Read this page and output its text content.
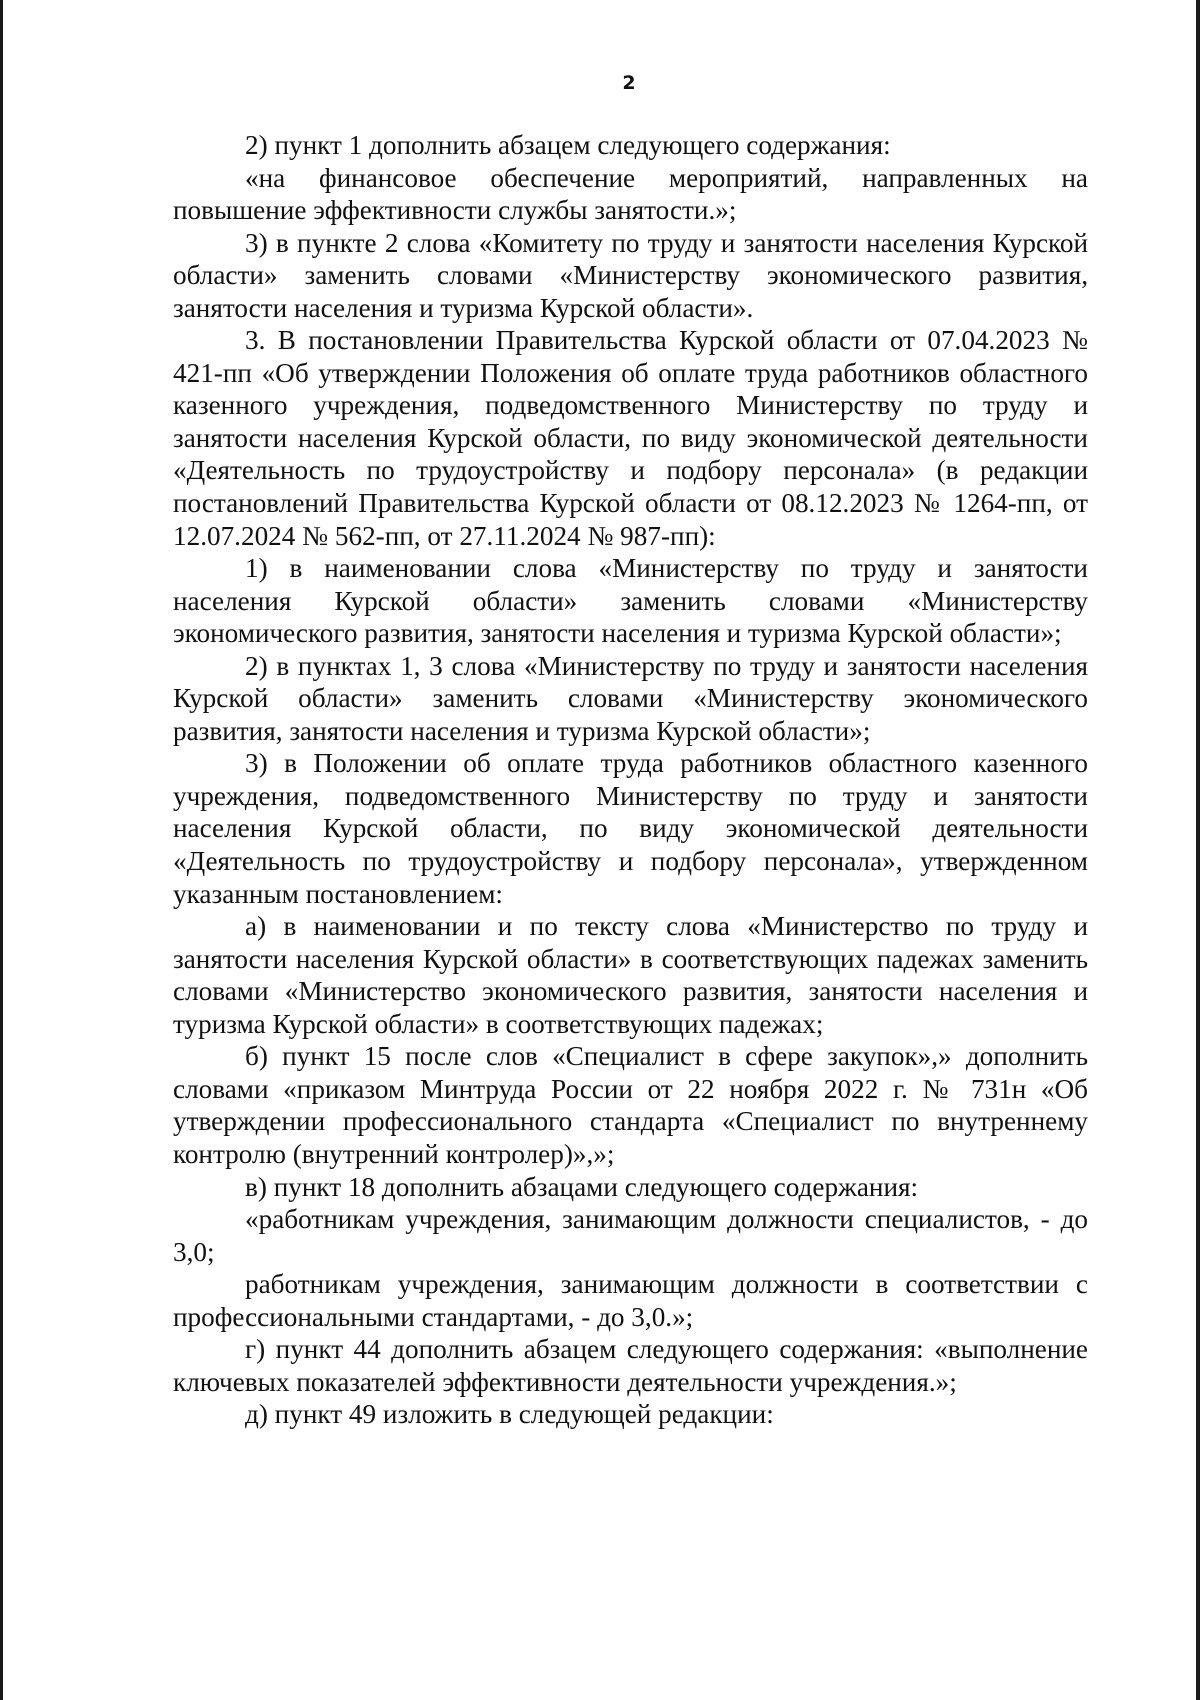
2

2) пункт 1 дополнить абзацем следующего содержания:

«на финансовое обеспечение мероприятий, направленных на повышение эффективности службы занятости.»;

3) в пункте 2 слова «Комитету по труду и занятости населения Курской области» заменить словами «Министерству экономического развития, занятости населения и туризма Курской области».

3. В постановлении Правительства Курской области от 07.04.2023 № 421-пп «Об утверждении Положения об оплате труда работников областного казенного учреждения, подведомственного Министерству по труду и занятости населения Курской области, по виду экономической деятельности «Деятельность по трудоустройству и подбору персонала» (в редакции постановлений Правительства Курской области от 08.12.2023 № 1264-пп, от 12.07.2024 № 562-пп, от 27.11.2024 № 987-пп):

1) в наименовании слова «Министерству по труду и занятости населения Курской области» заменить словами «Министерству экономического развития, занятости населения и туризма Курской области»;

2) в пунктах 1, 3 слова «Министерству по труду и занятости населения Курской области» заменить словами «Министерству экономического развития, занятости населения и туризма Курской области»;

3) в Положении об оплате труда работников областного казенного учреждения, подведомственного Министерству по труду и занятости населения Курской области, по виду экономической деятельности «Деятельность по трудоустройству и подбору персонала», утвержденном указанным постановлением:

а) в наименовании и по тексту слова «Министерство по труду и занятости населения Курской области» в соответствующих падежах заменить словами «Министерство экономического развития, занятости населения и туризма Курской области» в соответствующих падежах;

б) пункт 15 после слов «Специалист в сфере закупок»,» дополнить словами «приказом Минтруда России от 22 ноября 2022 г. № 731н «Об утверждении профессионального стандарта «Специалист по внутреннему контролю (внутренний контролер)»,»;

в) пункт 18 дополнить абзацами следующего содержания:

«работникам учреждения, занимающим должности специалистов, - до 3,0;

работникам учреждения, занимающим должности в соответствии с профессиональными стандартами, - до 3,0.»;

г) пункт 44 дополнить абзацем следующего содержания: «выполнение ключевых показателей эффективности деятельности учреждения.»;

д) пункт 49 изложить в следующей редакции:
